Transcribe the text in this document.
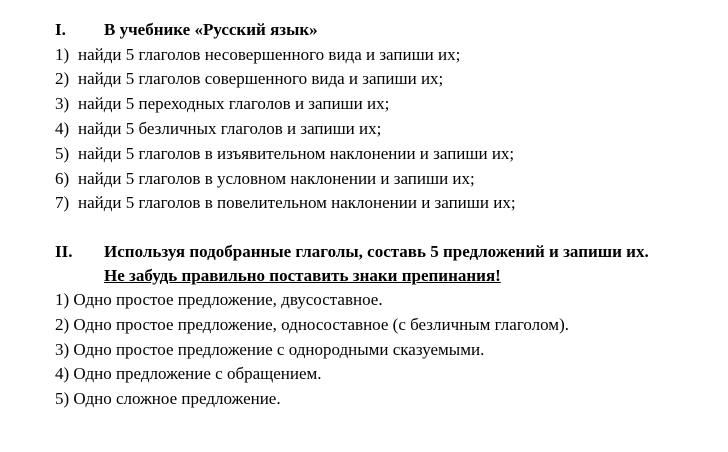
I. В учебнике «Русский язык»
1) найди 5 глаголов несовершенного вида и запиши их;
2) найди 5 глаголов совершенного вида и запиши их;
3) найди 5 переходных глаголов и запиши их;
4) найди 5 безличных глаголов и запиши их;
5) найди 5 глаголов в изъявительном наклонении и запиши их;
6) найди 5 глаголов в условном наклонении и запиши их;
7) найди 5 глаголов в повелительном наклонении и запиши их;
II. Используя подобранные глаголы, составь 5 предложений и запиши их.
Не забудь правильно поставить знаки препинания!
1) Одно простое предложение, двусоставное.
2) Одно простое предложение, односоставное (с безличным глаголом).
3) Одно простое предложение с однородными сказуемыми.
4) Одно предложение с обращением.
5) Одно сложное предложение.
